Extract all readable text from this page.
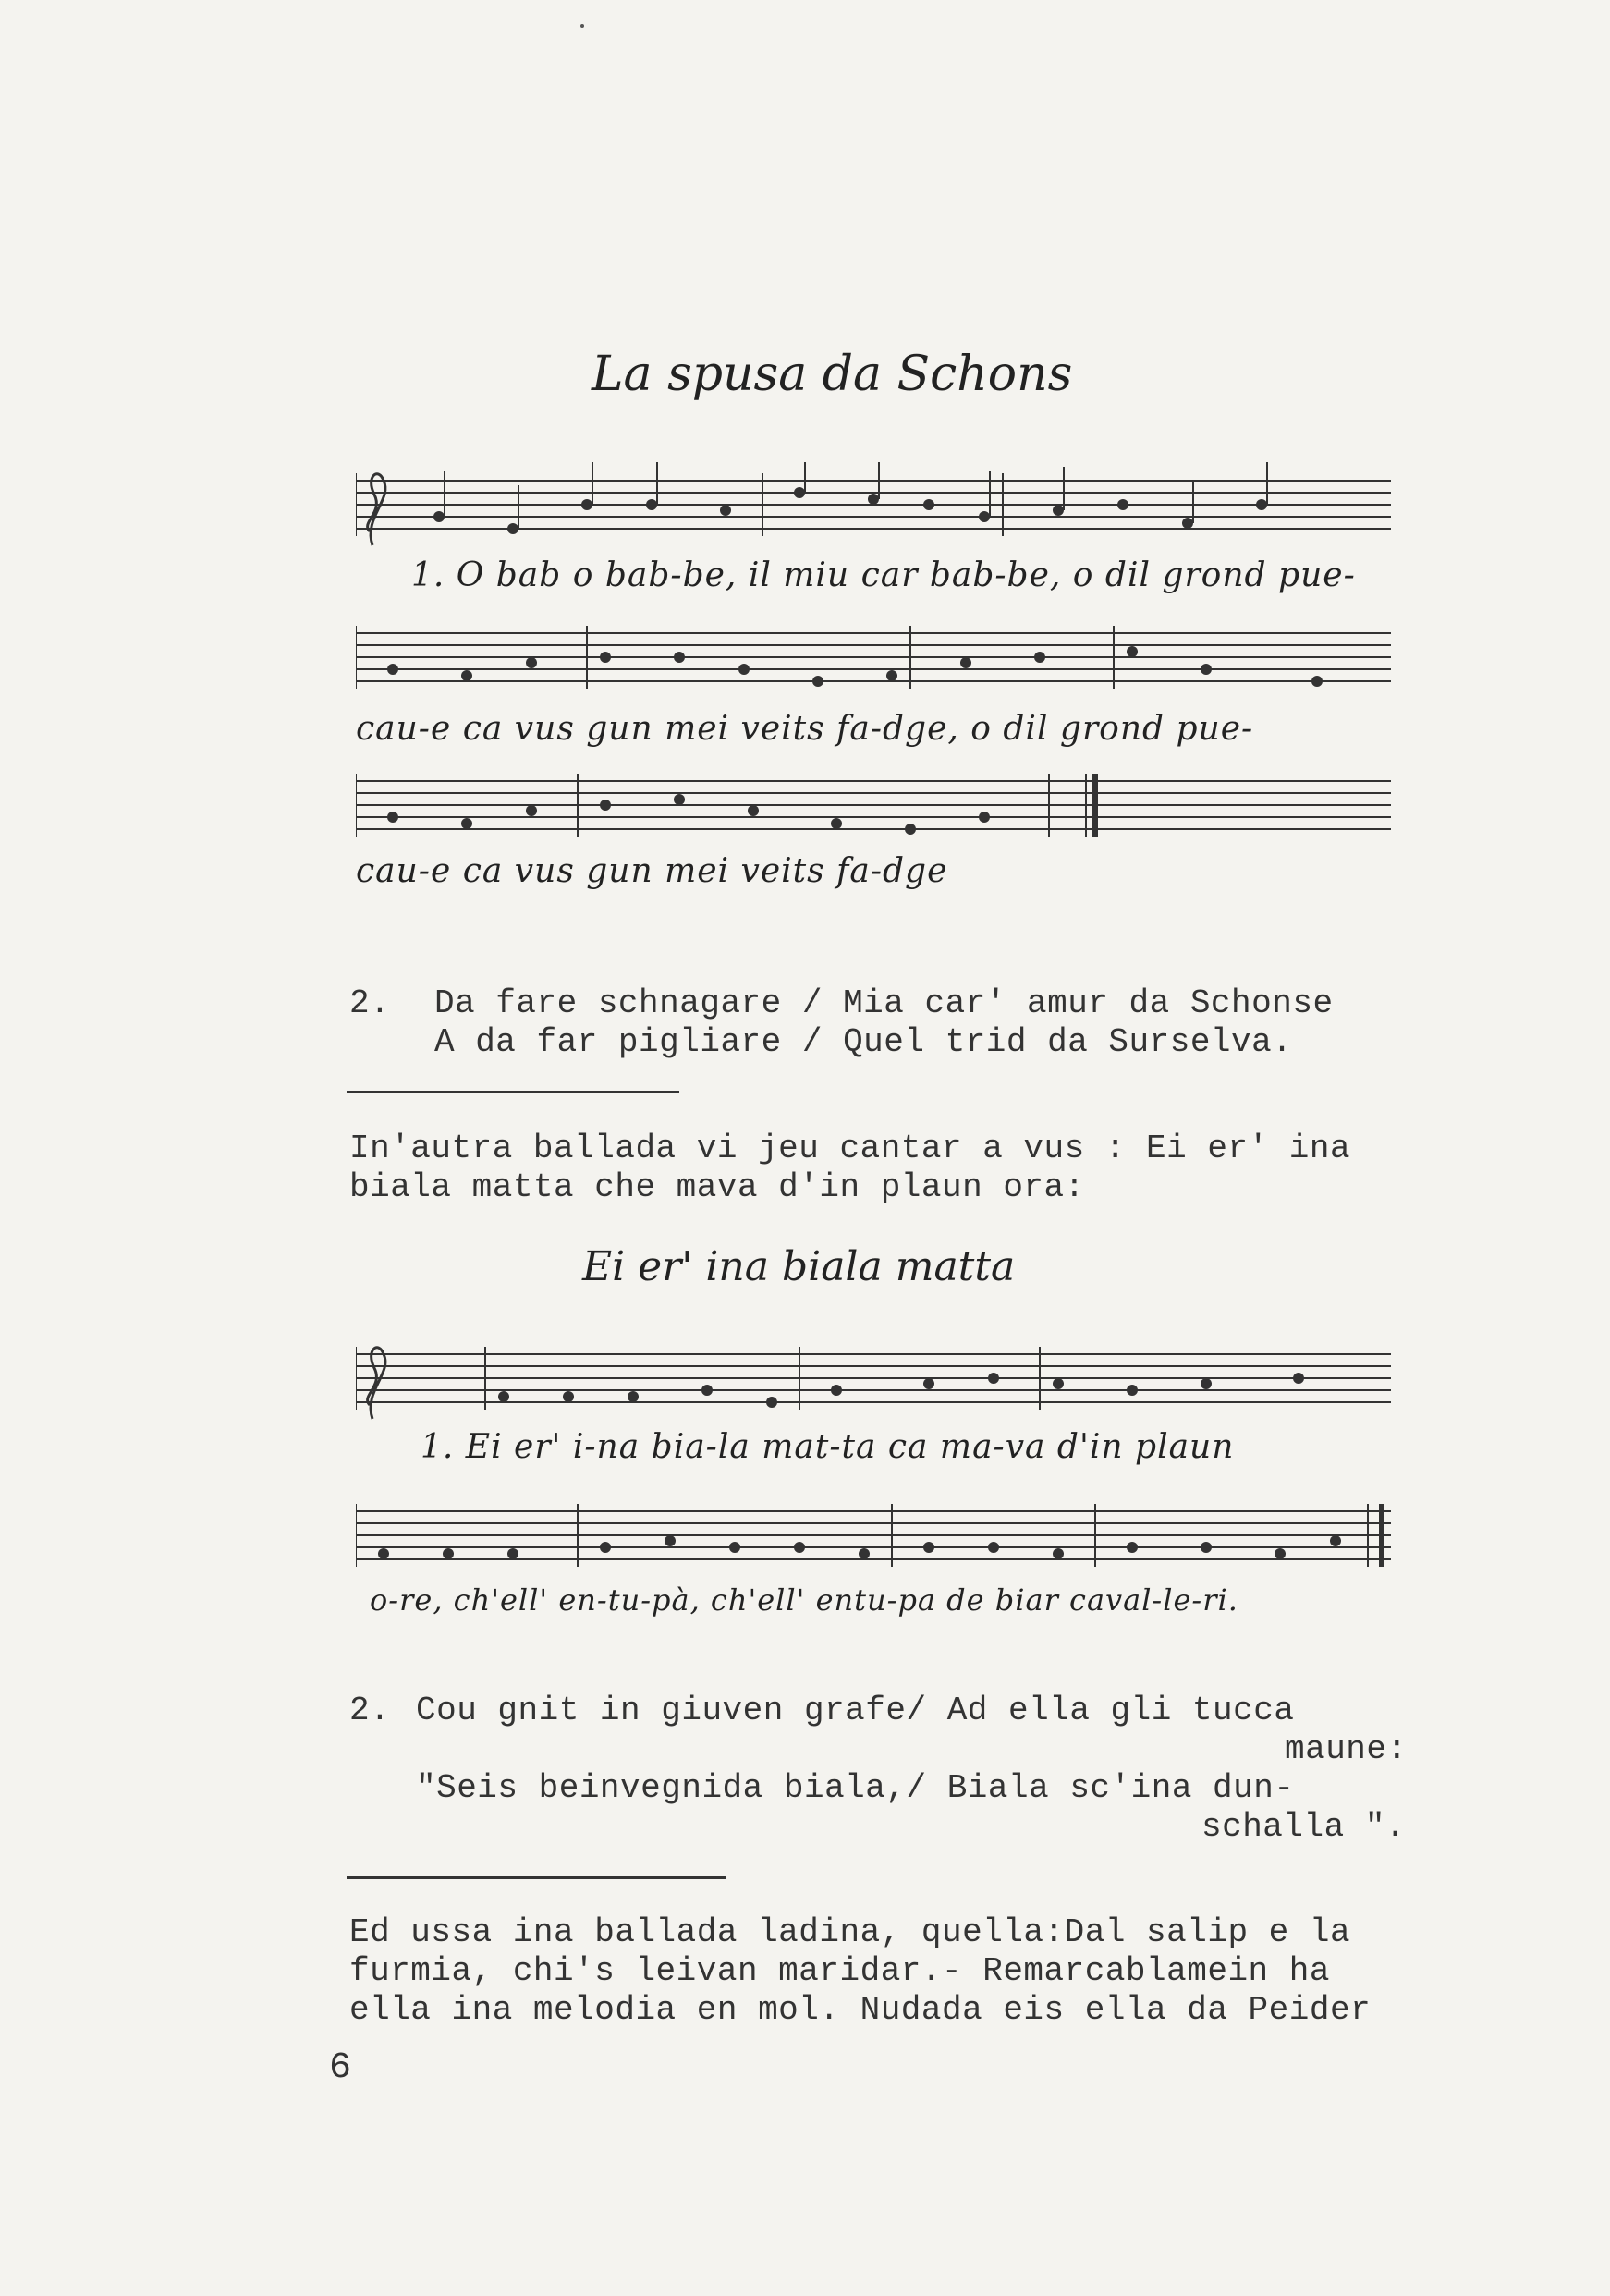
La spusa da Schons
1. O bab o bab-be, il miu car bab-be, o dil grond pue-
cau-e ca vus gun mei veits fa-dge, o dil grond pue-
cau-e ca vus gun mei veits fa-dge
2. Da fare schnagare / Mia car' amur da Schonse
A da far pigliare / Quel trid da Surselva.
In'autra ballada vi jeu cantar a vus : Ei er' ina
biala matta che mava d'in plaun ora:
Ei er' ina biala matta
1. Ei er' i-na bia-la mat-ta ca ma-va d'in plaun
o-re, ch'ell' en-tu-pà, ch'ell' entu-pa de biar caval-le-ri.
2. Cou gnit in giuven grafe/ Ad ella gli tucca
maune:
"Seis beinvegnida biala,/ Biala sc'ina dun-
schalla ".
Ed ussa ina ballada ladina, quella:Dal salip e la
furmia, chi's leivan maridar.- Remarcablamein ha
ella ina melodia en mol. Nudada eis ella da Peider
6
